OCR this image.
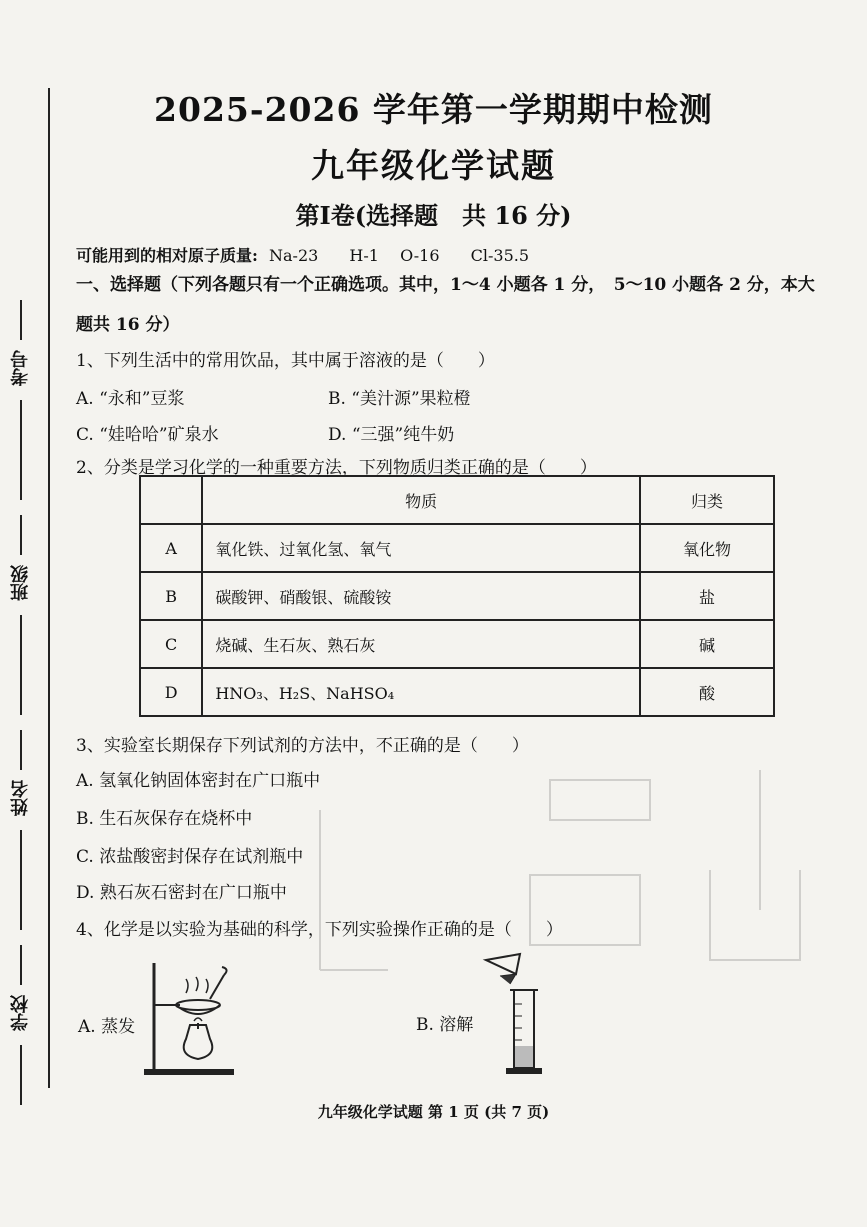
考号
班级
姓名
学校
2025-2026 学年第一学期期中检测
九年级化学试题
第Ⅰ卷(选择题　共 16 分)
可能用到的相对原子质量: Na-23 H-1 O-16 Cl-35.5
一、选择题（下列各题只有一个正确选项。其中，1～4 小题各 1 分，　5～10 小题各 2 分，本大
题共 16 分）
1、下列生活中的常用饮品，其中属于溶液的是（　　）
A. “永和”豆浆	B. “美汁源”果粒橙
C. “娃哈哈”矿泉水	D. “三强”纯牛奶
2、分类是学习化学的一种重要方法，下列物质归类正确的是（　　）
	物质	归类
A	氧化铁、过氧化氢、氧气	氧化物
B	碳酸钾、硝酸银、硫酸铵	盐
C	烧碱、生石灰、熟石灰	碱
D	HNO₃、H₂S、NaHSO₄	酸
3、实验室长期保存下列试剂的方法中，不正确的是（　　）
A. 氢氧化钠固体密封在广口瓶中
B. 生石灰保存在烧杯中
C. 浓盐酸密封保存在试剂瓶中
D. 熟石灰石密封在广口瓶中
4、化学是以实验为基础的科学，下列实验操作正确的是（　　）
A. 蒸发	B. 溶解
九年级化学试题 第 1 页 (共 7 页)
